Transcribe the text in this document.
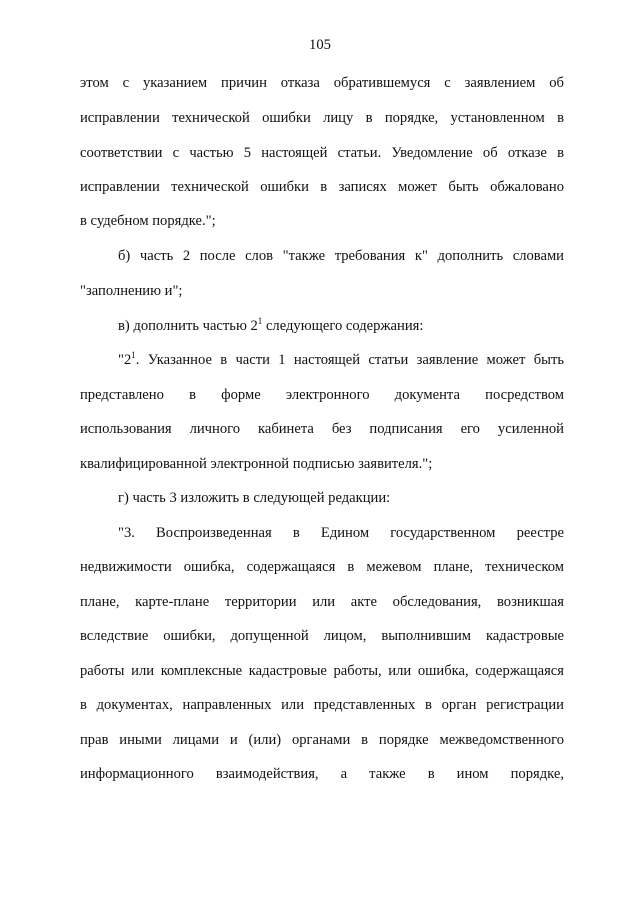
105
этом с указанием причин отказа обратившемуся с заявлением об
исправлении технической ошибки лицу в порядке, установленном в
соответствии с частью 5 настоящей статьи. Уведомление об отказе в
исправлении технической ошибки в записях может быть обжаловано
в судебном порядке.";
б) часть 2 после слов "также требования к" дополнить словами
"заполнению и";
в) дополнить частью $2^1$ следующего содержания:
"$2^1$. Указанное в части 1 настоящей статьи заявление может быть
представлено в форме электронного документа посредством
использования личного кабинета без подписания его усиленной
квалифицированной электронной подписью заявителя.";
г) часть 3 изложить в следующей редакции:
"3. Воспроизведенная в Едином государственном реестре
недвижимости ошибка, содержащаяся в межевом плане, техническом
плане, карте-плане территории или акте обследования, возникшая
вследствие ошибки, допущенной лицом, выполнившим кадастровые
работы или комплексные кадастровые работы, или ошибка, содержащаяся
в документах, направленных или представленных в орган регистрации
прав иными лицами и (или) органами в порядке межведомственного
информационного взаимодействия, а также в ином порядке,
